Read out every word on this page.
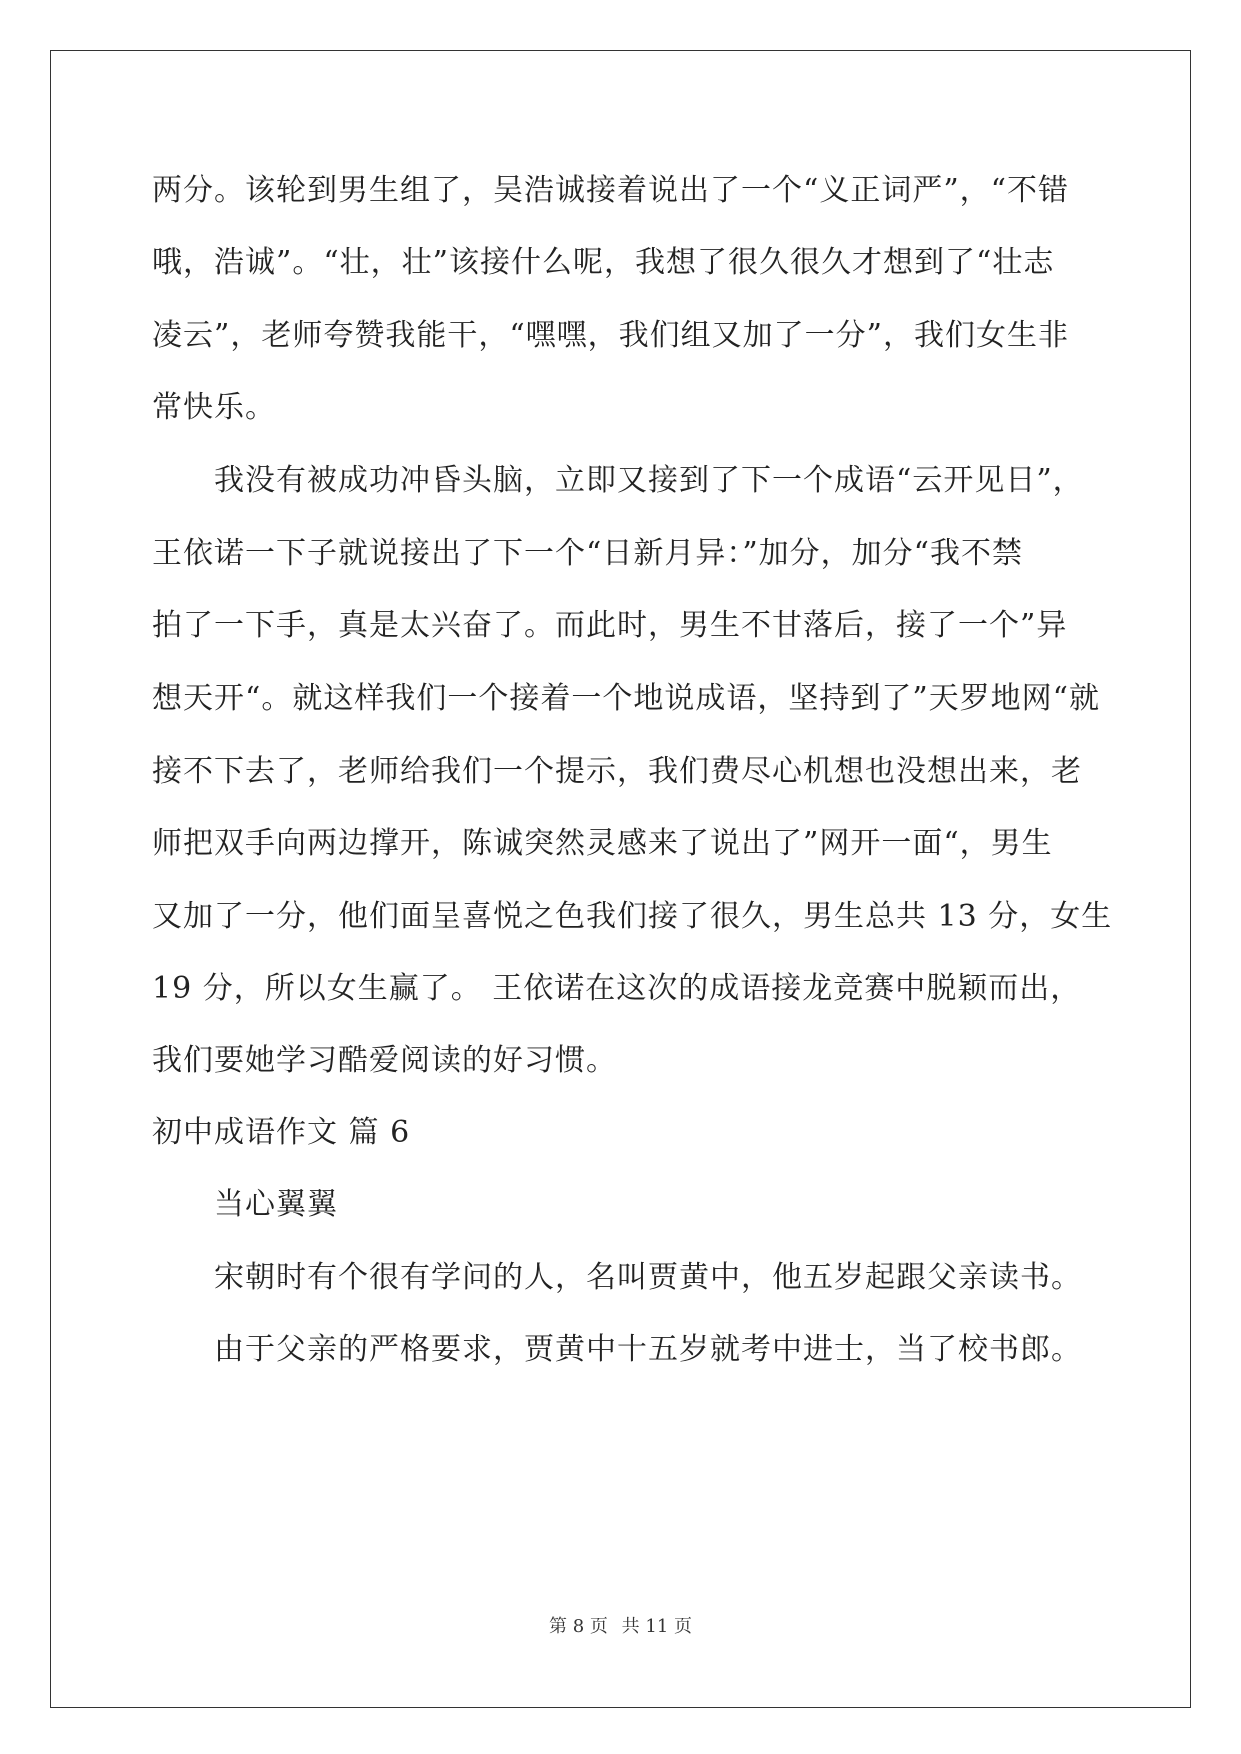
两分。该轮到男生组了，吴浩诚接着说出了一个“义正词严”，“不错
哦，浩诚”。“壮，壮”该接什么呢，我想了很久很久才想到了“壮志
凌云”，老师夸赞我能干，“嘿嘿，我们组又加了一分”，我们女生非
常快乐。
我没有被成功冲昏头脑，立即又接到了下一个成语“云开见日”，
王依诺一下子就说接出了下一个“日新月异：”加分，加分“我不禁
拍了一下手，真是太兴奋了。而此时，男生不甘落后，接了一个”异
想天开“。就这样我们一个接着一个地说成语，坚持到了”天罗地网“就
接不下去了，老师给我们一个提示，我们费尽心机想也没想出来，老
师把双手向两边撑开，陈诚突然灵感来了说出了”网开一面“，男生
又加了一分，他们面呈喜悦之色我们接了很久，男生总共 13 分，女生
19 分，所以女生赢了。 王依诺在这次的成语接龙竞赛中脱颖而出，
我们要她学习酷爱阅读的好习惯。
初中成语作文 篇 6
当心翼翼
宋朝时有个很有学问的人，名叫贾黄中，他五岁起跟父亲读书。
由于父亲的严格要求，贾黄中十五岁就考中进士，当了校书郎。
第 8 页 共 11 页
